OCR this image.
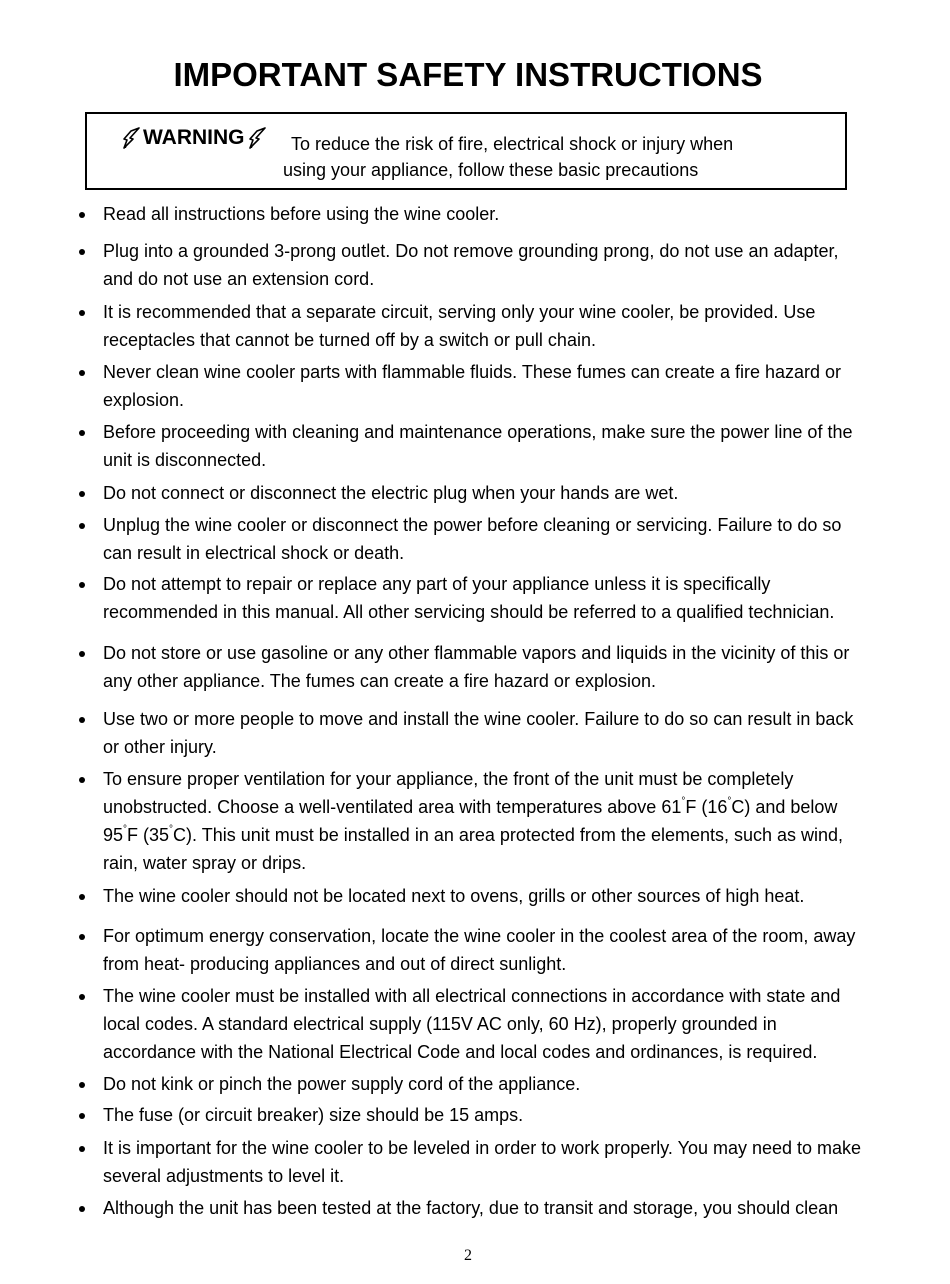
IMPORTANT SAFETY INSTRUCTIONS
WARNING	To reduce the risk of fire, electrical shock or injury when
using your appliance, follow these basic precautions
Read all instructions before using the wine cooler.
Plug into a grounded 3-prong outlet. Do not remove grounding prong, do not use an adapter, and do not use an extension cord.
It is recommended that a separate circuit, serving only your wine cooler, be provided. Use receptacles that cannot be turned off by a switch or pull chain.
Never clean wine cooler parts with flammable fluids. These fumes can create a fire hazard or explosion.
Before proceeding with cleaning and maintenance operations, make sure the power line of the unit is disconnected.
Do not connect or disconnect the electric plug when your hands are wet.
Unplug the wine cooler or disconnect the power before cleaning or servicing. Failure to do so can result in electrical shock or death.
Do not attempt to repair or replace any part of your appliance unless it is specifically recommended in this manual. All other servicing should be referred to a qualified technician.
Do not store or use gasoline or any other flammable vapors and liquids in the vicinity of this or any other appliance. The fumes can create a fire hazard or explosion.
Use two or more people to move and install the wine cooler. Failure to do so can result in back or other injury.
To ensure proper ventilation for your appliance, the front of the unit must be completely unobstructed. Choose a well-ventilated area with temperatures above 61°F (16°C) and below 95°F (35°C). This unit must be installed in an area protected from the elements, such as wind, rain, water spray or drips.
The wine cooler should not be located next to ovens, grills or other sources of high heat.
For optimum energy conservation, locate the wine cooler in the coolest area of the room, away from heat- producing appliances and out of direct sunlight.
The wine cooler must be installed with all electrical connections in accordance with state and local codes. A standard electrical supply (115V AC only, 60 Hz), properly grounded in accordance with the National Electrical Code and local codes and ordinances, is required.
Do not kink or pinch the power supply cord of the appliance.
The fuse (or circuit breaker) size should be 15 amps.
It is important for the wine cooler to be leveled in order to work properly. You may need to make several adjustments to level it.
Although the unit has been tested at the factory, due to transit and storage, you should clean
2
